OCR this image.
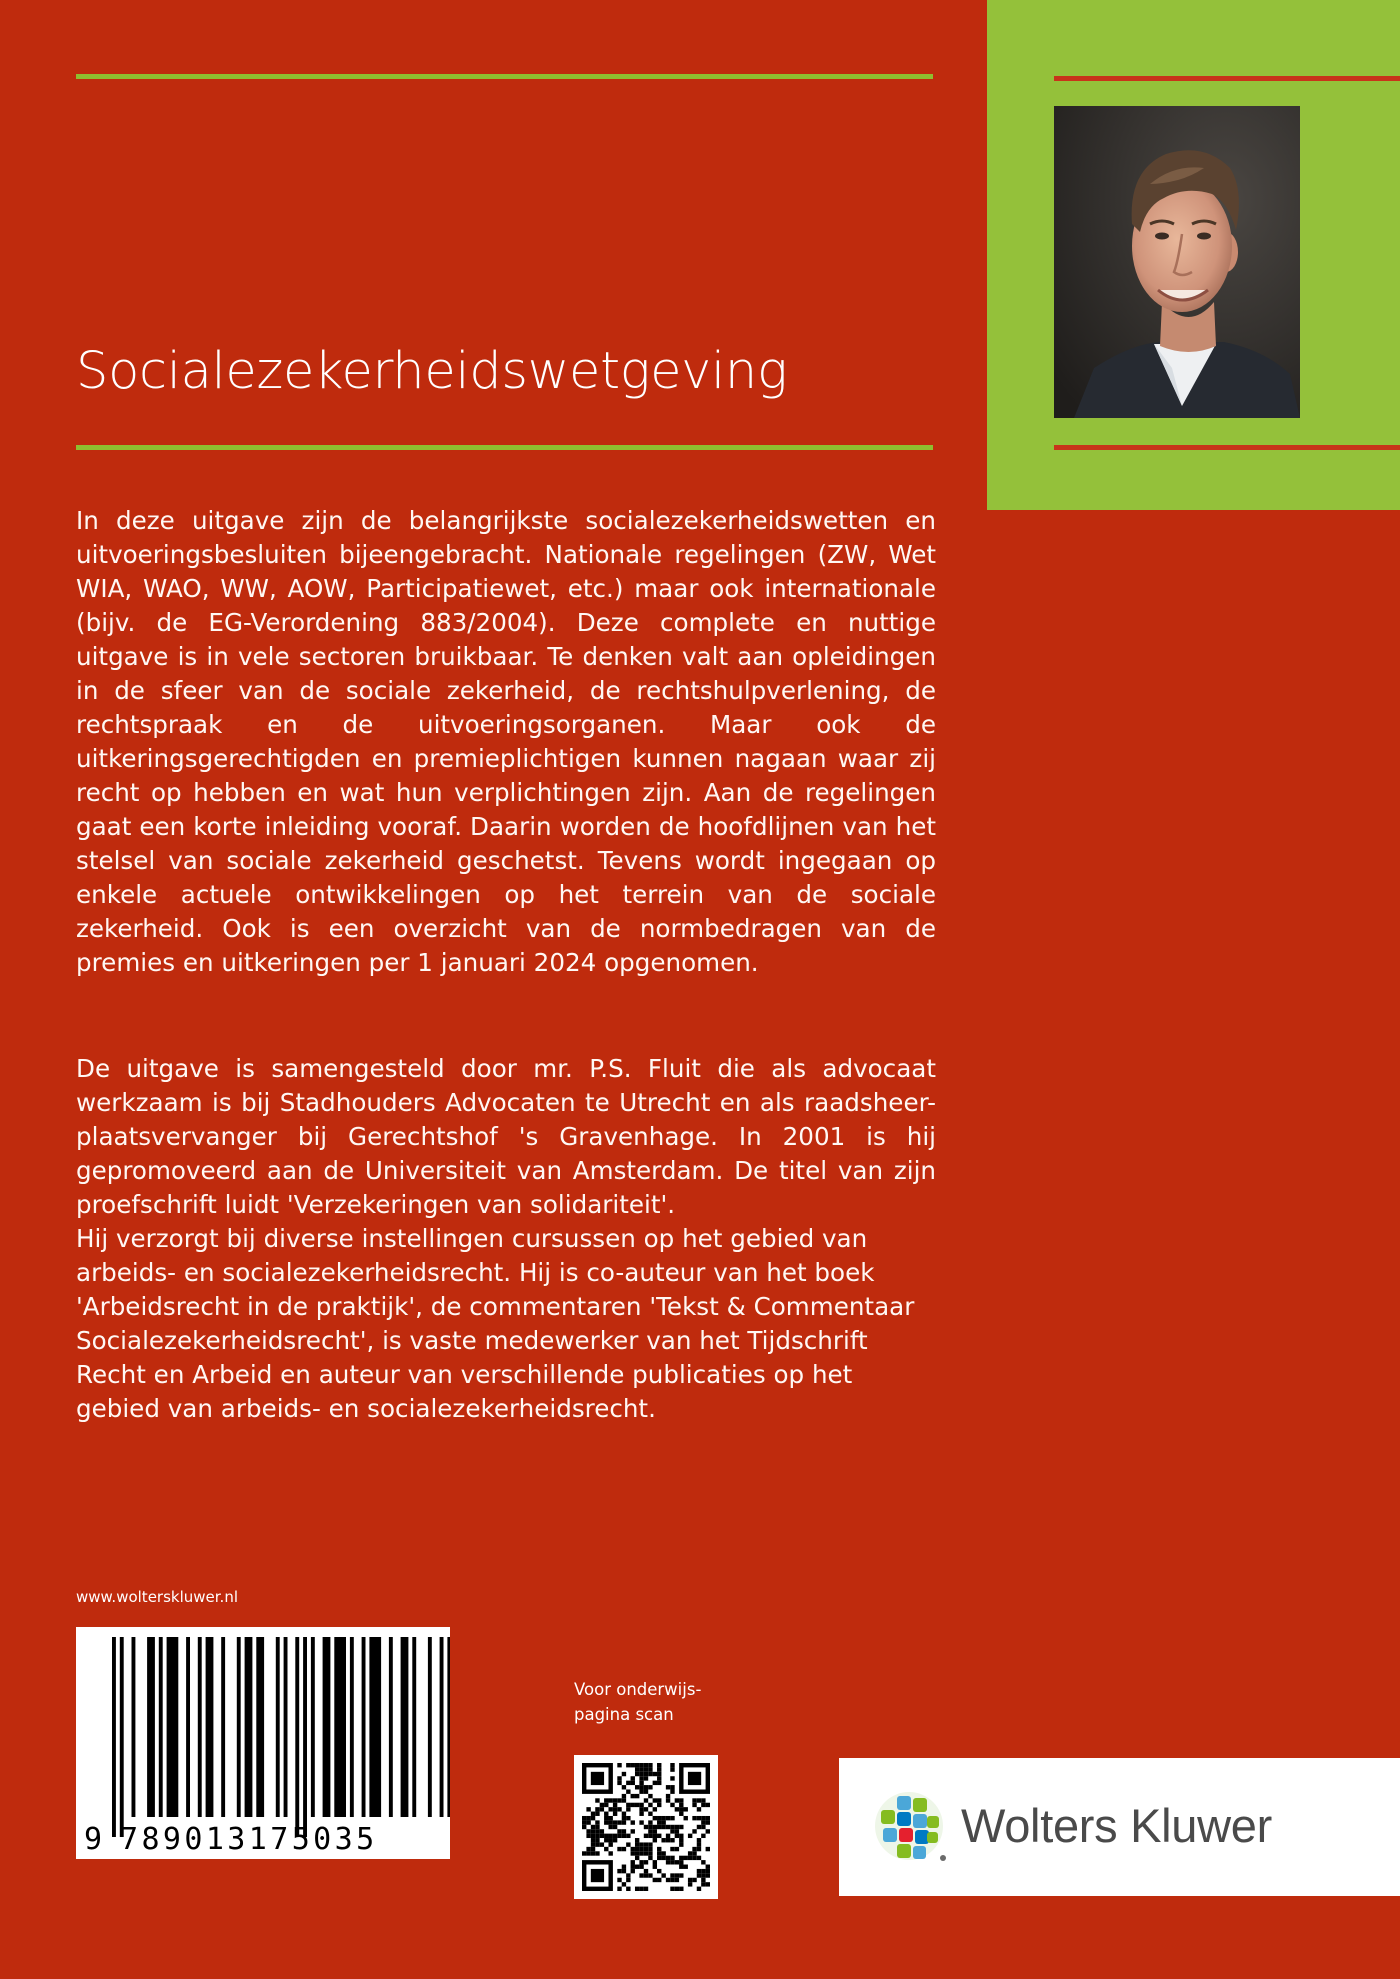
Socialezekerheidswetgeving

In deze uitgave zijn de belangrijkste socialezekerheidswetten en uitvoeringsbesluiten bijeengebracht. Nationale regelingen (ZW, Wet WIA, WAO, WW, AOW, Participatiewet, etc.) maar ook internationale (bijv. de EG-Verordening 883/2004). Deze complete en nuttige uitgave is in vele sectoren bruikbaar. Te denken valt aan opleidingen in de sfeer van de sociale zekerheid, de rechtshulpverlening, de rechtspraak en de uitvoeringsorganen. Maar ook de uitkeringsgerechtigden en premieplichtigen kunnen nagaan waar zij recht op hebben en wat hun verplichtingen zijn. Aan de regelingen gaat een korte inleiding vooraf. Daarin worden de hoofdlijnen van het stelsel van sociale zekerheid geschetst. Tevens wordt ingegaan op enkele actuele ontwikkelingen op het terrein van de sociale zekerheid. Ook is een overzicht van de normbedragen van de premies en uitkeringen per 1 januari 2024 opgenomen.

De uitgave is samengesteld door mr. P.S. Fluit die als advocaat werkzaam is bij Stadhouders Advocaten te Utrecht en als raadsheer-plaatsvervanger bij Gerechtshof 's Gravenhage. In 2001 is hij gepromoveerd aan de Universiteit van Amsterdam. De titel van zijn proefschrift luidt 'Verzekeringen van solidariteit'.

Hij verzorgt bij diverse instellingen cursussen op het gebied van arbeids- en socialezekerheidsrecht. Hij is co-auteur van het boek 'Arbeidsrecht in de praktijk', de commentaren 'Tekst & Commentaar Socialezekerheidsrecht', is vaste medewerker van het Tijdschrift Recht en Arbeid en auteur van verschillende publicaties op het gebied van arbeids- en socialezekerheidsrecht.

www.wolterskluwer.nl

9 789013175035

Voor onderwijs-
pagina scan

Wolters Kluwer
